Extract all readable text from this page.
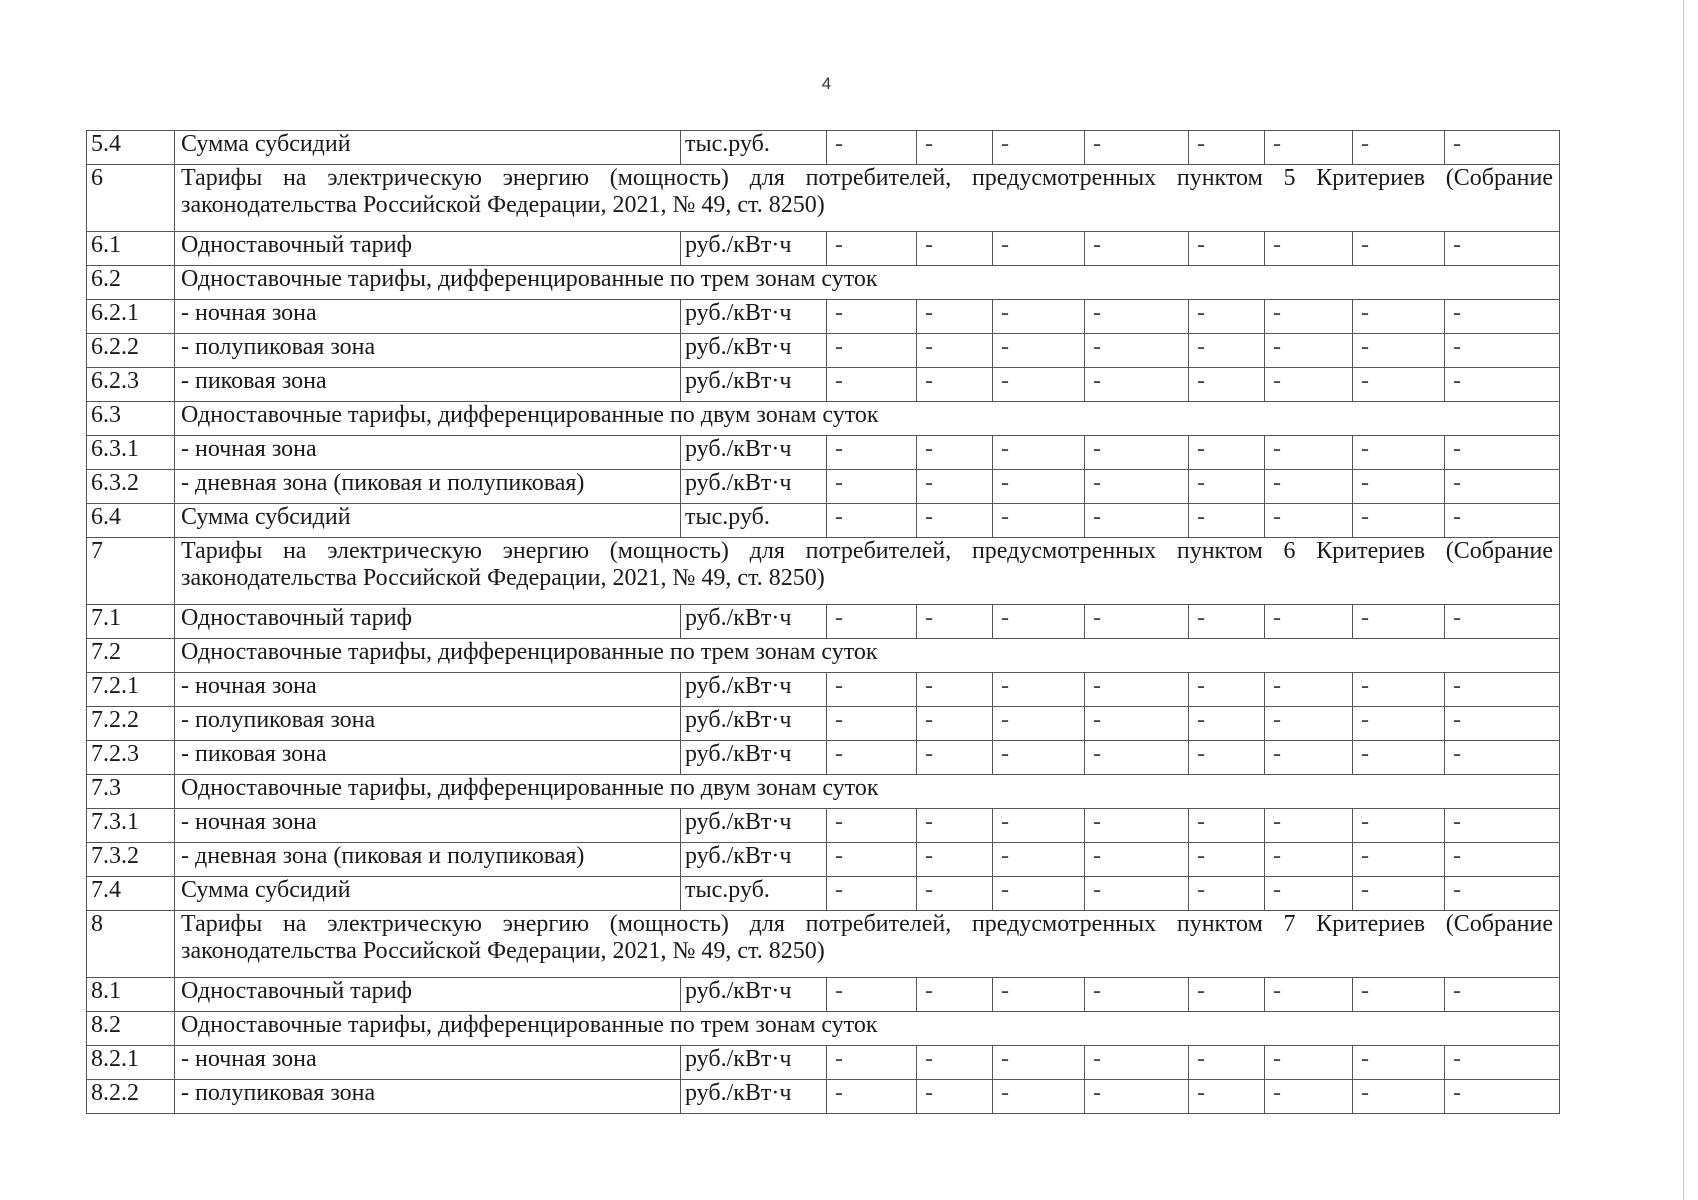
4
5.4	Сумма субсидий	тыс.руб.	-	-	-	-	-	-	-	-
6	Тарифы на электрическую энергию (мощность) для потребителей, предусмотренных пунктом 5 Критериев (Собрание законодательства Российской Федерации, 2021, № 49, ст. 8250)									
6.1	Одноставочный тариф	руб./кВт·ч	-	-	-	-	-	-	-	-
6.2	Одноставочные тарифы, дифференцированные по трем зонам суток									
6.2.1	- ночная зона	руб./кВт·ч	-	-	-	-	-	-	-	-
6.2.2	- полупиковая зона	руб./кВт·ч	-	-	-	-	-	-	-	-
6.2.3	- пиковая зона	руб./кВт·ч	-	-	-	-	-	-	-	-
6.3	Одноставочные тарифы, дифференцированные по двум зонам суток									
6.3.1	- ночная зона	руб./кВт·ч	-	-	-	-	-	-	-	-
6.3.2	- дневная зона (пиковая и полупиковая)	руб./кВт·ч	-	-	-	-	-	-	-	-
6.4	Сумма субсидий	тыс.руб.	-	-	-	-	-	-	-	-
7	Тарифы на электрическую энергию (мощность) для потребителей, предусмотренных пунктом 6 Критериев (Собрание законодательства Российской Федерации, 2021, № 49, ст. 8250)									
7.1	Одноставочный тариф	руб./кВт·ч	-	-	-	-	-	-	-	-
7.2	Одноставочные тарифы, дифференцированные по трем зонам суток									
7.2.1	- ночная зона	руб./кВт·ч	-	-	-	-	-	-	-	-
7.2.2	- полупиковая зона	руб./кВт·ч	-	-	-	-	-	-	-	-
7.2.3	- пиковая зона	руб./кВт·ч	-	-	-	-	-	-	-	-
7.3	Одноставочные тарифы, дифференцированные по двум зонам суток									
7.3.1	- ночная зона	руб./кВт·ч	-	-	-	-	-	-	-	-
7.3.2	- дневная зона (пиковая и полупиковая)	руб./кВт·ч	-	-	-	-	-	-	-	-
7.4	Сумма субсидий	тыс.руб.	-	-	-	-	-	-	-	-
8	Тарифы на электрическую энергию (мощность) для потребителей, предусмотренных пунктом 7 Критериев (Собрание законодательства Российской Федерации, 2021, № 49, ст. 8250)									
8.1	Одноставочный тариф	руб./кВт·ч	-	-	-	-	-	-	-	-
8.2	Одноставочные тарифы, дифференцированные по трем зонам суток									
8.2.1	- ночная зона	руб./кВт·ч	-	-	-	-	-	-	-	-
8.2.2	- полупиковая зона	руб./кВт·ч	-	-	-	-	-	-	-	-
